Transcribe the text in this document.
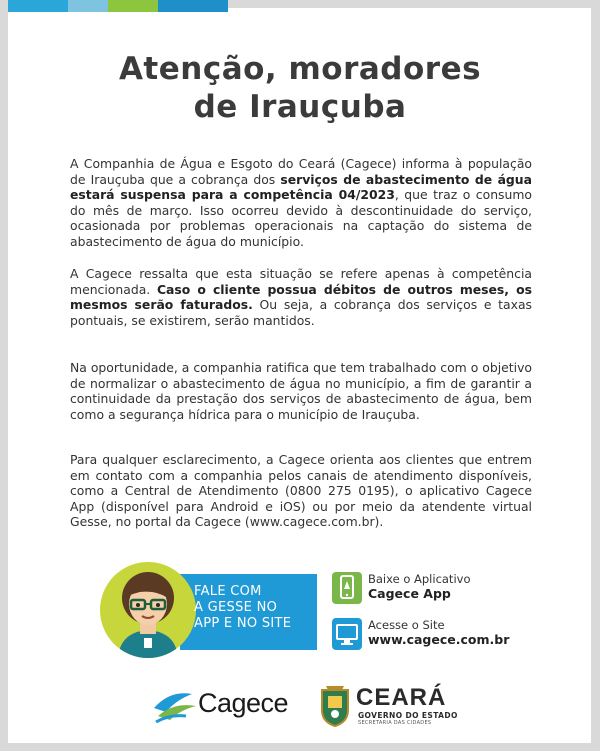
Atenção, moradores
de Irauçuba
A Companhia de Água e Esgoto do Ceará (Cagece) informa à população de Irauçuba que a cobrança dos serviços de abastecimento de água estará suspensa para a competência 04/2023, que traz o consumo do mês de março. Isso ocorreu devido à descontinuidade do serviço, ocasionada por problemas operacionais na captação do sistema de abastecimento de água do município.
A Cagece ressalta que esta situação se refere apenas à competência mencionada. Caso o cliente possua débitos de outros meses, os mesmos serão faturados. Ou seja, a cobrança dos serviços e taxas pontuais, se existirem, serão mantidos.
Na oportunidade, a companhia ratifica que tem trabalhado com o objetivo de normalizar o abastecimento de água no município, a fim de garantir a continuidade da prestação dos serviços de abastecimento de água, bem como a segurança hídrica para o município de Irauçuba.
Para qualquer esclarecimento, a Cagece orienta aos clientes que entrem em contato com a companhia pelos canais de atendimento disponíveis, como a Central de Atendimento (0800 275 0195), o aplicativo Cagece App (disponível para Android e iOS) ou por meio da atendente virtual Gesse, no portal da Cagece (www.cagece.com.br).
FALE COM
A GESSE NO
APP E NO SITE
Baixe o Aplicativo
Cagece App
Acesse o Site
www.cagece.com.br
Cagece	CEARÁ
GOVERNO DO ESTADO
SECRETARIA DAS CIDADES
